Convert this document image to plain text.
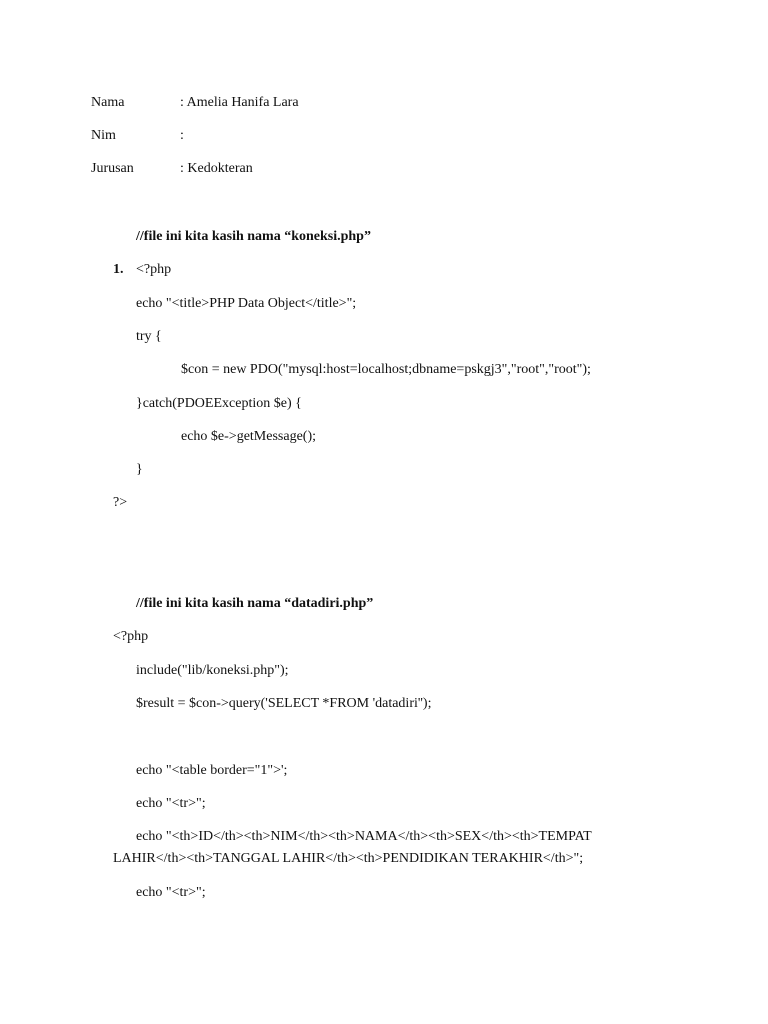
Nama	: Amelia Hanifa Lara
Nim	:
Jurusan	: Kedokteran
//file ini kita kasih nama “koneksi.php”
1. <?php
echo "<title>PHP Data Object</title>";
try {
$con = new PDO("mysql:host=localhost;dbname=pskgj3","root","root");
}catch(PDOEException $e) {
echo $e->getMessage();
}
?>
//file ini kita kasih nama “datadiri.php”
<?php
include("lib/koneksi.php");
$result = $con->query('SELECT *FROM 'datadiri'');
echo "<table border="1">';
echo "<tr>";
echo "<th>ID</th><th>NIM</th><th>NAMA</th><th>SEX</th><th>TEMPAT
LAHIR</th><th>TANGGAL LAHIR</th><th>PENDIDIKAN TERAKHIR</th>";
echo "<tr>";
